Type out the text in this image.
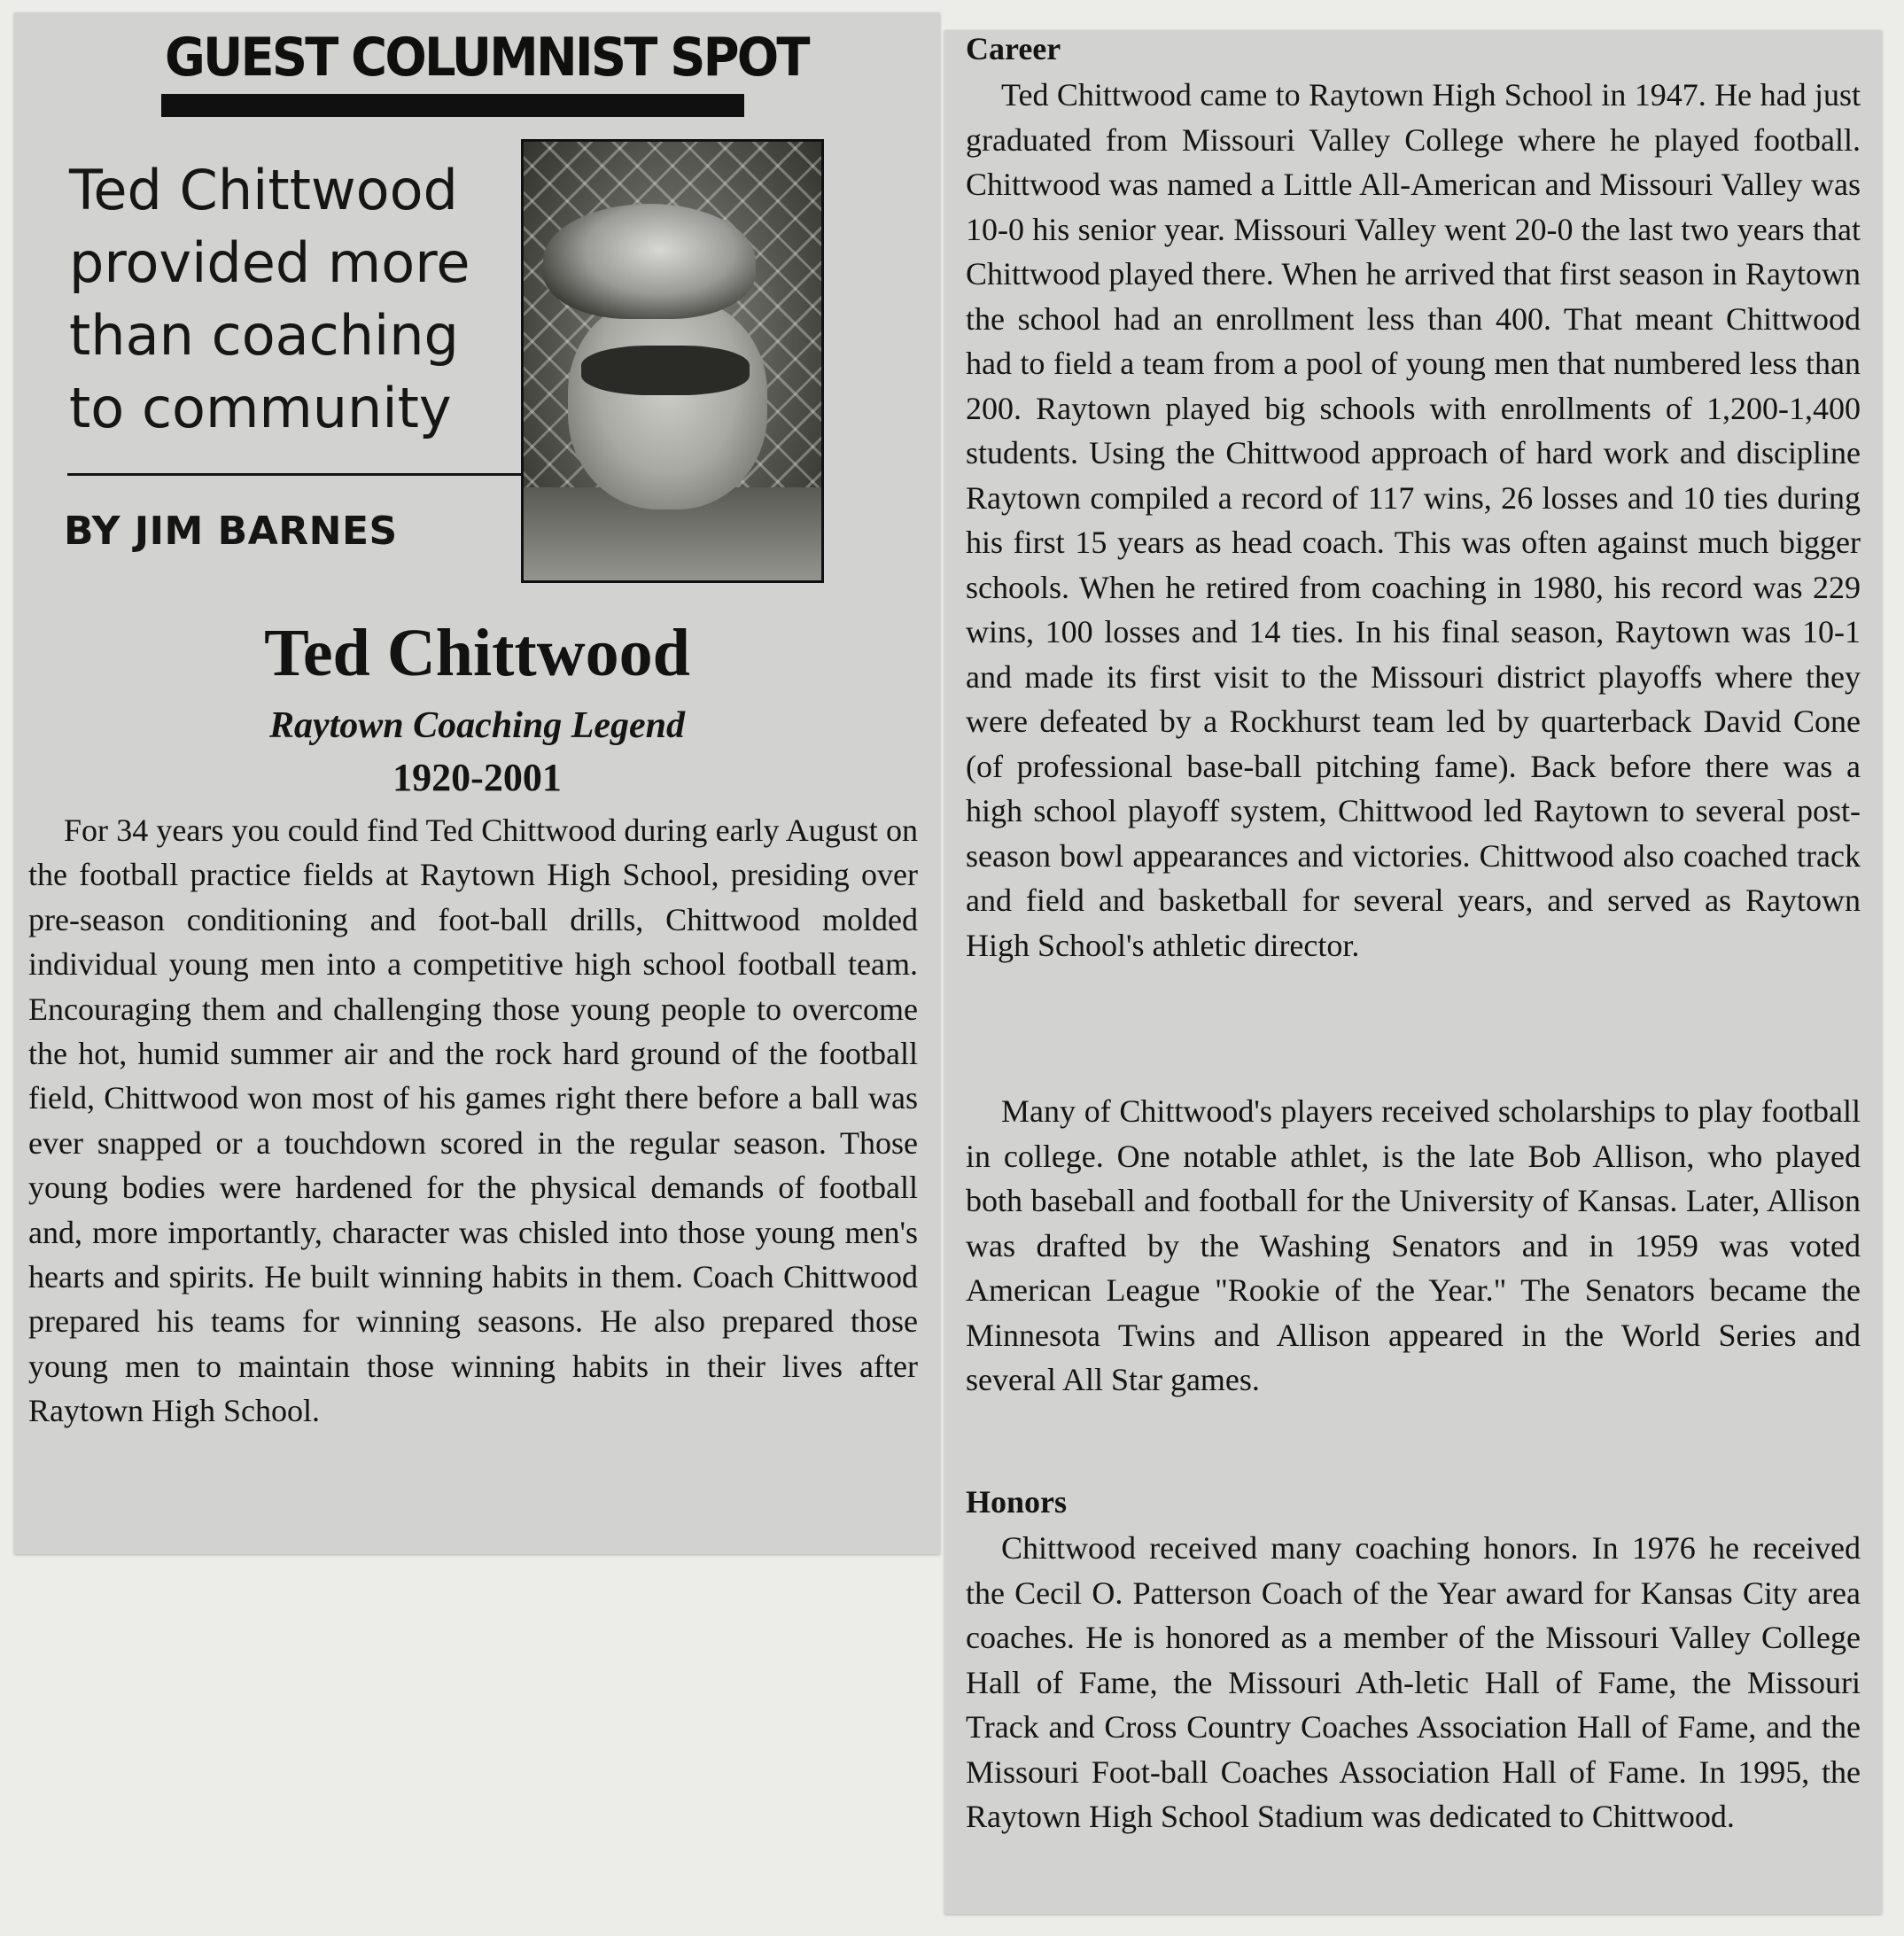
GUEST COLUMNIST SPOT
Ted Chittwood provided more than coaching to community
BY JIM BARNES
Ted Chittwood
Raytown Coaching Legend
1920-2001
For 34 years you could find Ted Chittwood during early August on the football practice fields at Raytown High School, presiding over pre-season conditioning and foot-ball drills, Chittwood molded individual young men into a competitive high school football team. Encouraging them and challenging those young people to overcome the hot, humid summer air and the rock hard ground of the football field, Chittwood won most of his games right there before a ball was ever snapped or a touchdown scored in the regular season. Those young bodies were hardened for the physical demands of football and, more importantly, character was chisled into those young men's hearts and spirits. He built winning habits in them. Coach Chittwood prepared his teams for winning seasons. He also prepared those young men to maintain those winning habits in their lives after Raytown High School.
Career
Ted Chittwood came to Raytown High School in 1947. He had just graduated from Missouri Valley College where he played football. Chittwood was named a Little All-American and Missouri Valley was 10-0 his senior year. Missouri Valley went 20-0 the last two years that Chittwood played there. When he arrived that first season in Raytown the school had an enrollment less than 400. That meant Chittwood had to field a team from a pool of young men that numbered less than 200. Raytown played big schools with enrollments of 1,200-1,400 students. Using the Chittwood approach of hard work and discipline Raytown compiled a record of 117 wins, 26 losses and 10 ties during his first 15 years as head coach. This was often against much bigger schools. When he retired from coaching in 1980, his record was 229 wins, 100 losses and 14 ties. In his final season, Raytown was 10-1 and made its first visit to the Missouri district playoffs where they were defeated by a Rockhurst team led by quarterback David Cone (of professional base-ball pitching fame). Back before there was a high school playoff system, Chittwood led Raytown to several post-season bowl appearances and victories. Chittwood also coached track and field and basketball for several years, and served as Raytown High School's athletic director.
Many of Chittwood's players received scholarships to play football in college. One notable athlet, is the late Bob Allison, who played both baseball and football for the University of Kansas. Later, Allison was drafted by the Washing Senators and in 1959 was voted American League "Rookie of the Year." The Senators became the Minnesota Twins and Allison appeared in the World Series and several All Star games.
Honors
Chittwood received many coaching honors. In 1976 he received the Cecil O. Patterson Coach of the Year award for Kansas City area coaches. He is honored as a member of the Missouri Valley College Hall of Fame, the Missouri Ath-letic Hall of Fame, the Missouri Track and Cross Country Coaches Association Hall of Fame, and the Missouri Foot-ball Coaches Association Hall of Fame. In 1995, the Raytown High School Stadium was dedicated to Chittwood.
